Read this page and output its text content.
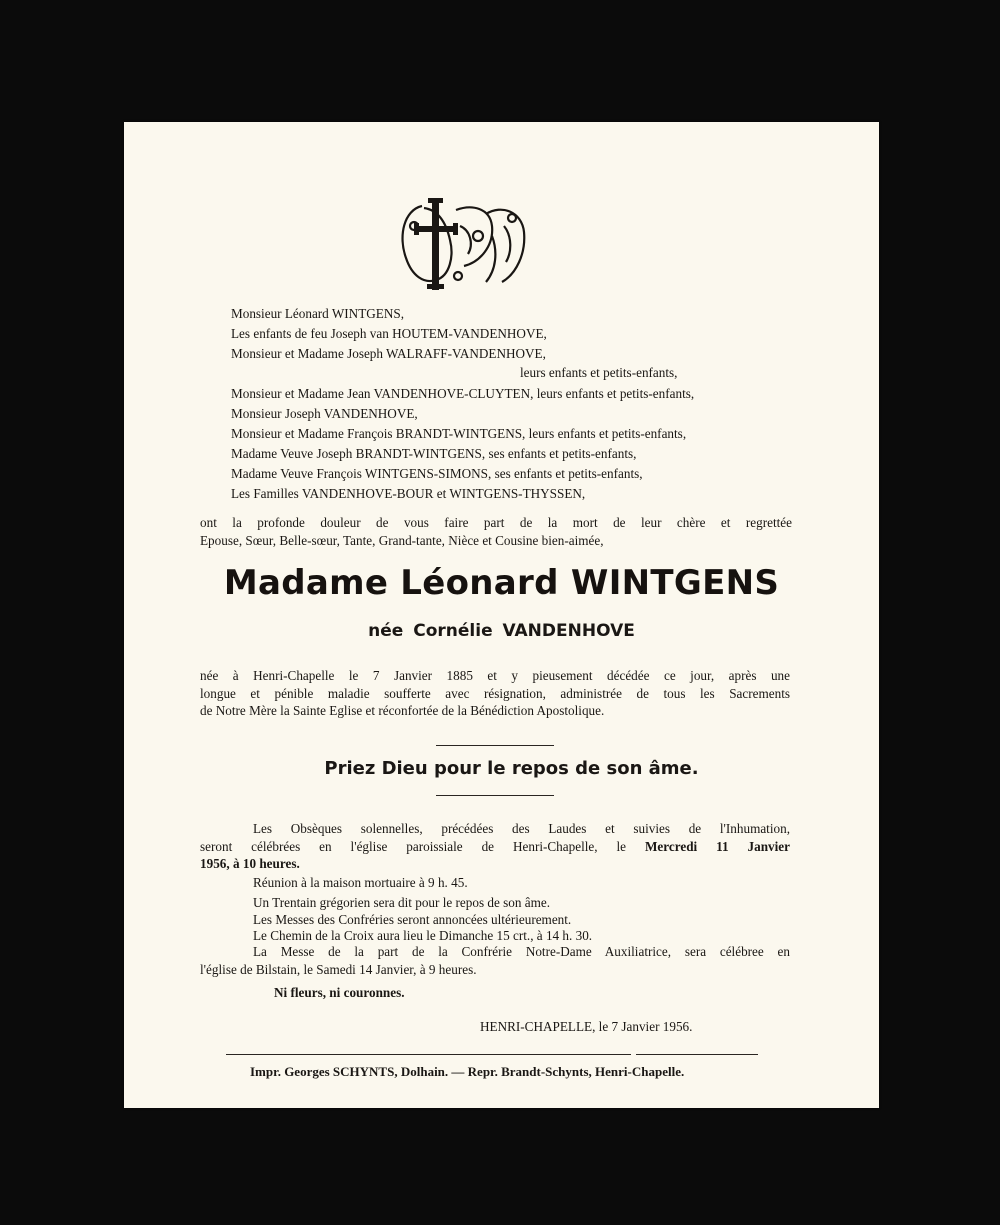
Monsieur Léonard WINTGENS,
Les enfants de feu Joseph van HOUTEM-VANDENHOVE,
Monsieur et Madame Joseph WALRAFF-VANDENHOVE,
leurs enfants et petits-enfants,
Monsieur et Madame Jean VANDENHOVE-CLUYTEN, leurs enfants et petits-enfants,
Monsieur Joseph VANDENHOVE,
Monsieur et Madame François BRANDT-WINTGENS, leurs enfants et petits-enfants,
Madame Veuve Joseph BRANDT-WINTGENS, ses enfants et petits-enfants,
Madame Veuve François WINTGENS-SIMONS, ses enfants et petits-enfants,
Les Familles VANDENHOVE-BOUR et WINTGENS-THYSSEN,
ont la profonde douleur de vous faire part de la mort de leur chère et regrettée
Epouse, Sœur, Belle-sœur, Tante, Grand-tante, Nièce et Cousine bien-aimée,
Madame Léonard WINTGENS
née Cornélie VANDENHOVE
née à Henri-Chapelle le 7 Janvier 1885 et y pieusement décédée ce jour, après une
longue et pénible maladie soufferte avec résignation, administrée de tous les Sacrements
de Notre Mère la Sainte Eglise et réconfortée de la Bénédiction Apostolique.
Priez Dieu pour le repos de son âme.
Les Obsèques solennelles, précédées des Laudes et suivies de l'Inhumation,
seront célébrées en l'église paroissiale de Henri-Chapelle, le Mercredi 11 Janvier
1956, à 10 heures.
Réunion à la maison mortuaire à 9 h. 45.
Un Trentain grégorien sera dit pour le repos de son âme.
Les Messes des Confréries seront annoncées ultérieurement.
Le Chemin de la Croix aura lieu le Dimanche 15 crt., à 14 h. 30.
La Messe de la part de la Confrérie Notre-Dame Auxiliatrice, sera célébree en
l'église de Bilstain, le Samedi 14 Janvier, à 9 heures.
Ni fleurs, ni couronnes.
HENRI-CHAPELLE, le 7 Janvier 1956.
Impr. Georges SCHYNTS, Dolhain. — Repr. Brandt-Schynts, Henri-Chapelle.
